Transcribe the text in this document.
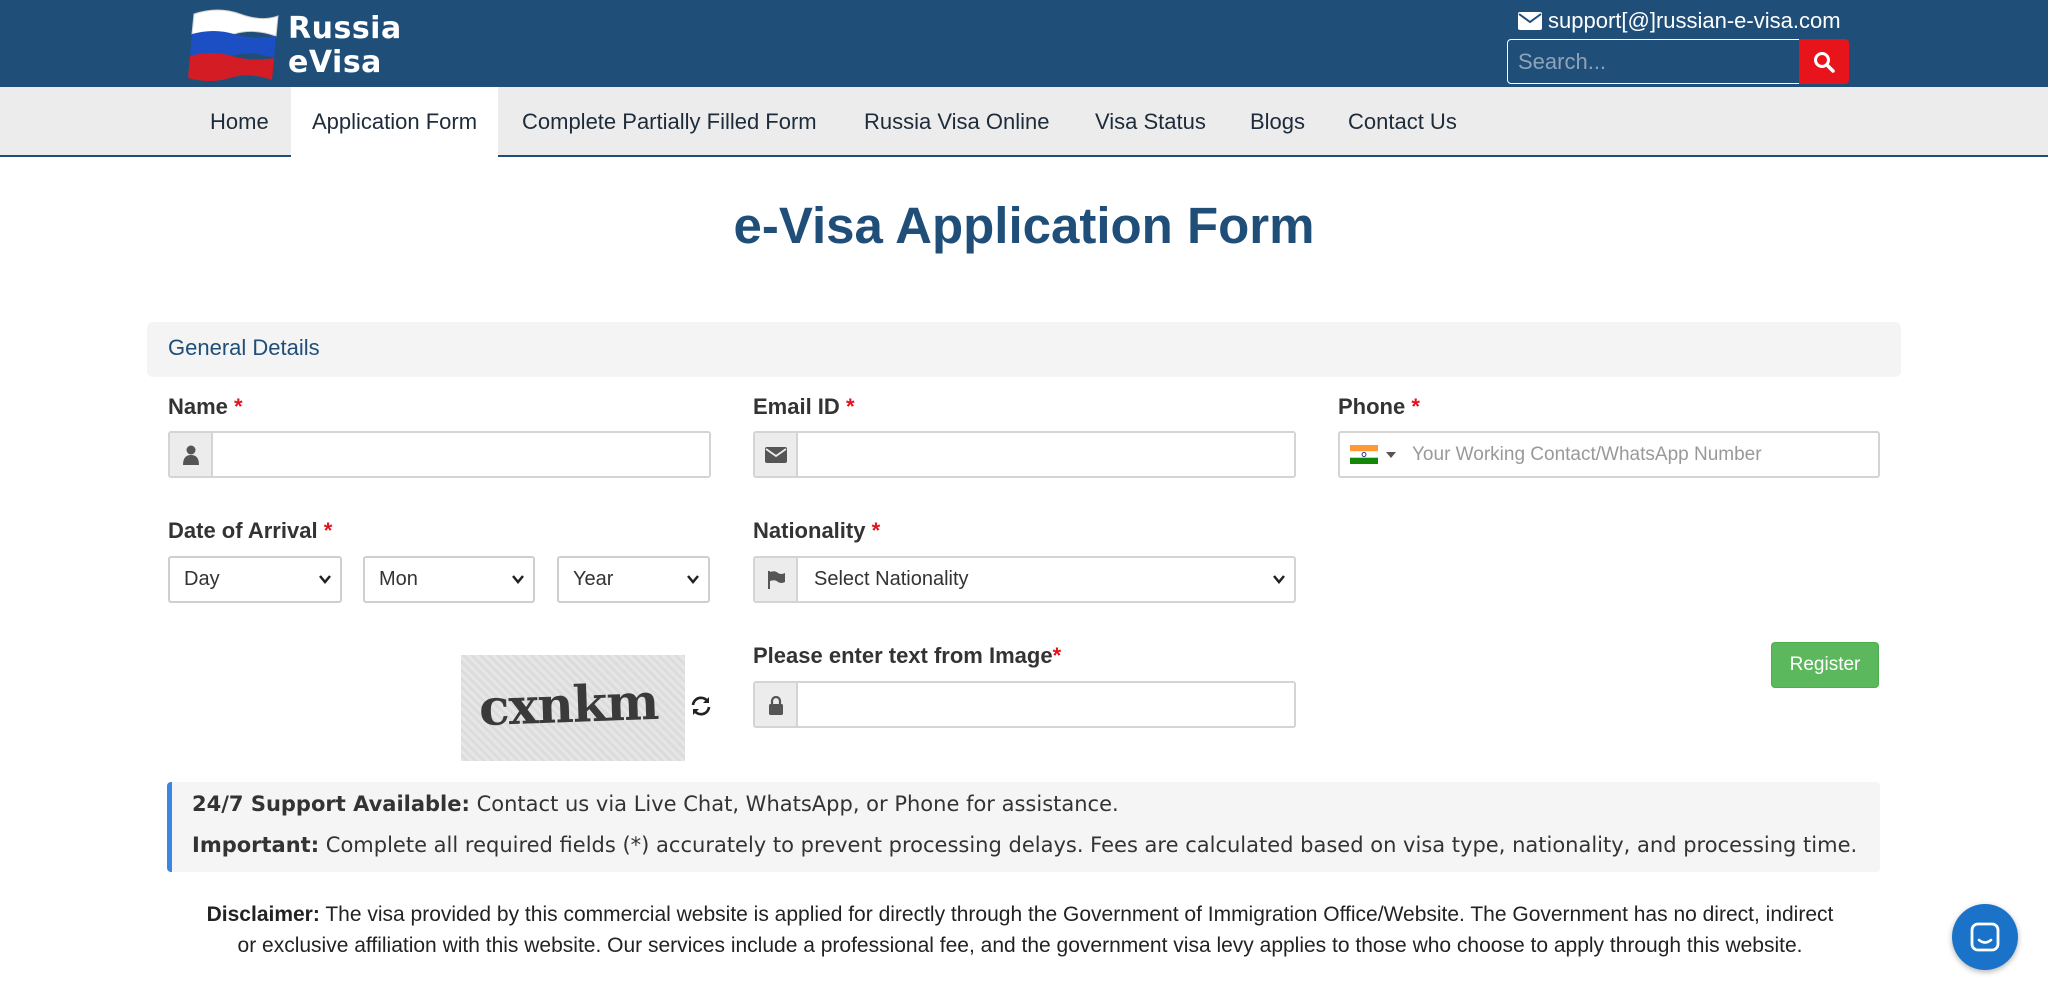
Russia
eVisa
support[@]russian-e-visa.com
Search...
Home	Application Form	Complete Partially Filled Form	Russia Visa Online	Visa Status	Blogs	Contact Us
e-Visa Application Form
General Details
Name *	Email ID *	Phone *
Your Working Contact/WhatsApp Number
Date of Arrival *
Day	Mon	Year
Nationality *
Select Nationality
cxnkm
Please enter text from Image*	Register
24/7 Support Available: Contact us via Live Chat, WhatsApp, or Phone for assistance.
Important: Complete all required fields (*) accurately to prevent processing delays. Fees are calculated based on visa type, nationality, and processing time.
Disclaimer: The visa provided by this commercial website is applied for directly through the Government of Immigration Office/Website. The Government has no direct, indirect or exclusive affiliation with this website. Our services include a professional fee, and the government visa levy applies to those who choose to apply through this website.
